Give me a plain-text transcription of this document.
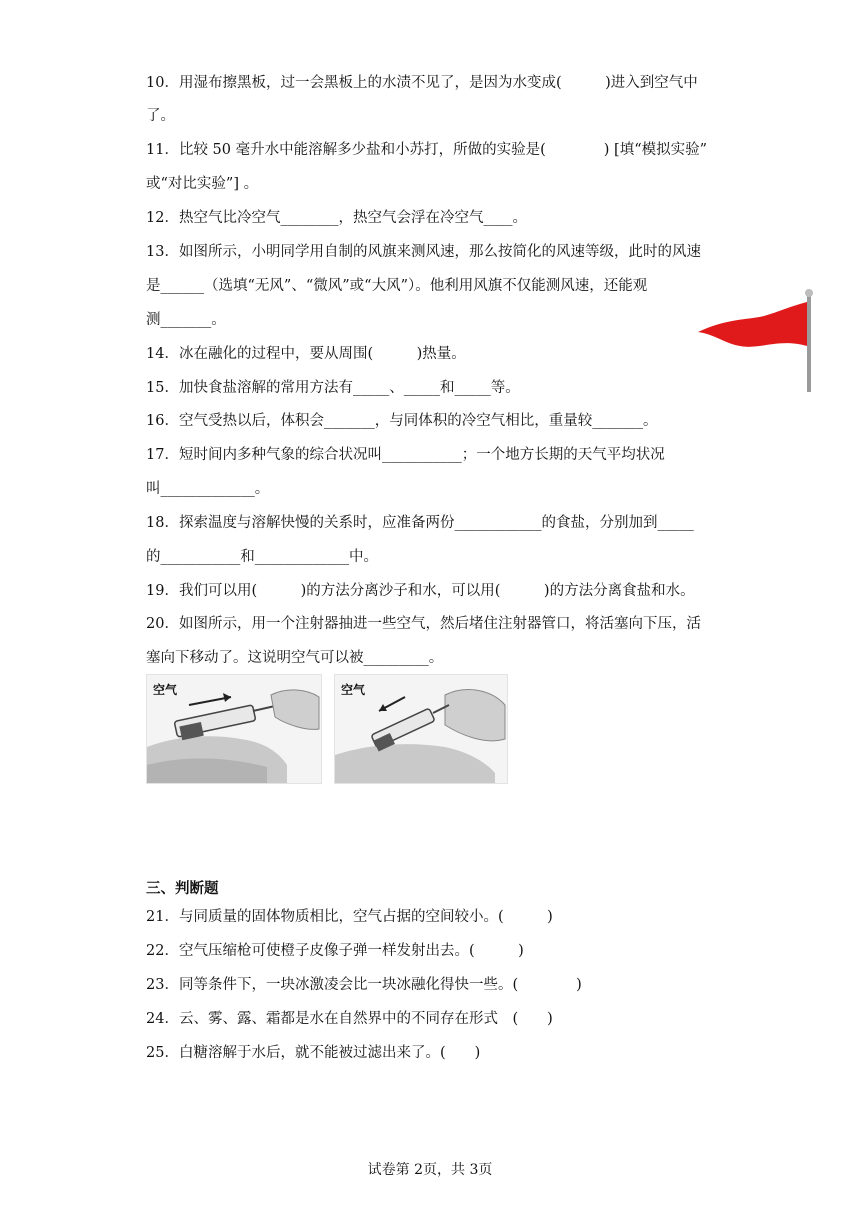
10．用湿布擦黑板，过一会黑板上的水渍不见了，是因为水变成(　　　)进入到空气中
了。
11．比较 50 毫升水中能溶解多少盐和小苏打，所做的实验是(　　　　) [填“模拟实验”
或“对比实验”] 。
12．热空气比冷空气________，热空气会浮在冷空气____。
13．如图所示，小明同学用自制的风旗来测风速，那么按简化的风速等级，此时的风速
是______（选填“无风”、“微风”或“大风”）。他利用风旗不仅能测风速，还能观
测_______。
14．冰在融化的过程中，要从周围(　　　)热量。
15．加快食盐溶解的常用方法有_____、_____和_____等。
16．空气受热以后，体积会_______，与同体积的冷空气相比，重量较_______。
17．短时间内多种气象的综合状况叫___________；一个地方长期的天气平均状况
叫_____________。
18．探索温度与溶解快慢的关系时，应准备两份____________的食盐，分别加到_____
的___________和_____________中。
19．我们可以用(　　　)的方法分离沙子和水，可以用(　　　)的方法分离食盐和水。
20．如图所示，用一个注射器抽进一些空气，然后堵住注射器管口，将活塞向下压，活
塞向下移动了。这说明空气可以被_________。
空气	空气
三、判断题
21．与同质量的固体物质相比，空气占据的空间较小。(　　　)
22．空气压缩枪可使橙子皮像子弹一样发射出去。(　　　)
23．同等条件下，一块冰激凌会比一块冰融化得快一些。(　　　　)
24．云、雾、露、霜都是水在自然界中的不同存在形式　(　　)
25．白糖溶解于水后，就不能被过滤出来了。(　　)
试卷第 2页，共 3页
